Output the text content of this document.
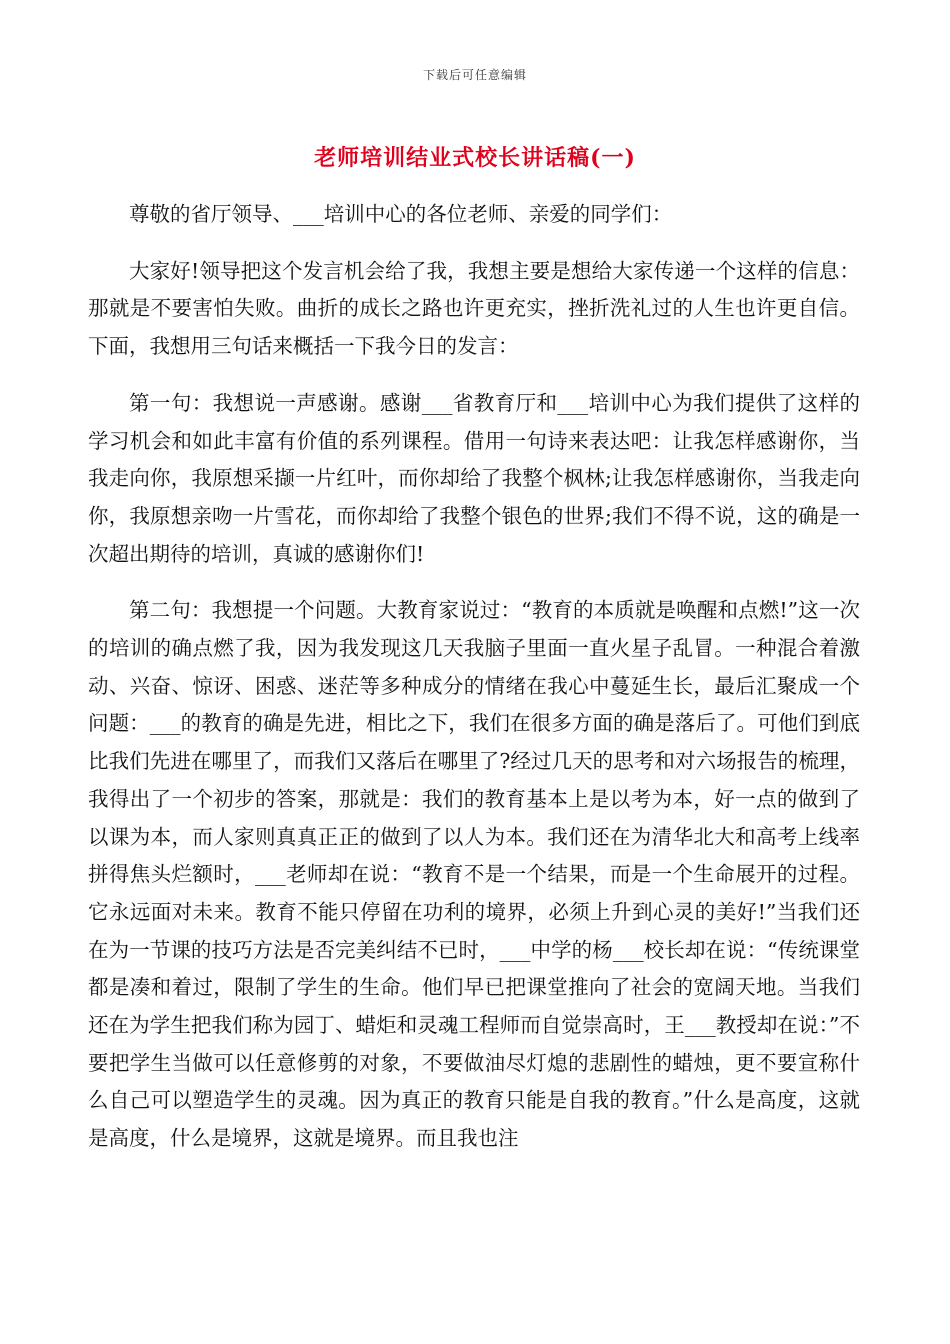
下载后可任意编辑
老师培训结业式校长讲话稿(一)

尊敬的省厅领导、___培训中心的各位老师、亲爱的同学们：

大家好!领导把这个发言机会给了我，我想主要是想给大家传递一个这样的信息：那就是不要害怕失败。曲折的成长之路也许更充实，挫折洗礼过的人生也许更自信。 下面，我想用三句话来概括一下我今日的发言：

第一句：我想说一声感谢。感谢___省教育厅和___培训中心为我们提供了这样的学习机会和如此丰富有价值的系列课程。借用一句诗来表达吧：让我怎样感谢你，当我走向你，我原想采撷一片红叶，而你却给了我整个枫林;让我怎样感谢你，当我走向你，我原想亲吻一片雪花，而你却给了我整个银色的世界;我们不得不说，这的确是一次超出期待的培训，真诚的感谢你们!

第二句：我想提一个问题。大教育家说过：“教育的本质就是唤醒和点燃!”这一次的培训的确点燃了我，因为我发现这几天我脑子里面一直火星子乱冒。一种混合着激动、兴奋、惊讶、困惑、迷茫等多种成分的情绪在我心中蔓延生长，最后汇聚成一个问题：___的教育的确是先进，相比之下，我们在很多方面的确是落后了。可他们到底比我们先进在哪里了，而我们又落后在哪里了?经过几天的思考和对六场报告的梳理，我得出了一个初步的答案，那就是：我们的教育基本上是以考为本，好一点的做到了以课为本，而人家则真真正正的做到了以人为本。我们还在为清华北大和高考上线率拼得焦头烂额时，___老师却在说：“教育不是一个结果，而是一个生命展开的过程。它永远面对未来。教育不能只停留在功利的境界，必须上升到心灵的美好!”当我们还在为一节课的技巧方法是否完美纠结不已时，___中学的杨___校长却在说：“传统课堂都是凑和着过，限制了学生的生命。他们早已把课堂推向了社会的宽阔天地。当我们还在为学生把我们称为园丁、蜡炬和灵魂工程师而自觉崇高时，王___教授却在说：”不要把学生当做可以任意修剪的对象，不要做油尽灯熄的悲剧性的蜡烛，更不要宣称什么自己可以塑造学生的灵魂。因为真正的教育只能是自我的教育。”什么是高度，这就是高度，什么是境界，这就是境界。而且我也注
